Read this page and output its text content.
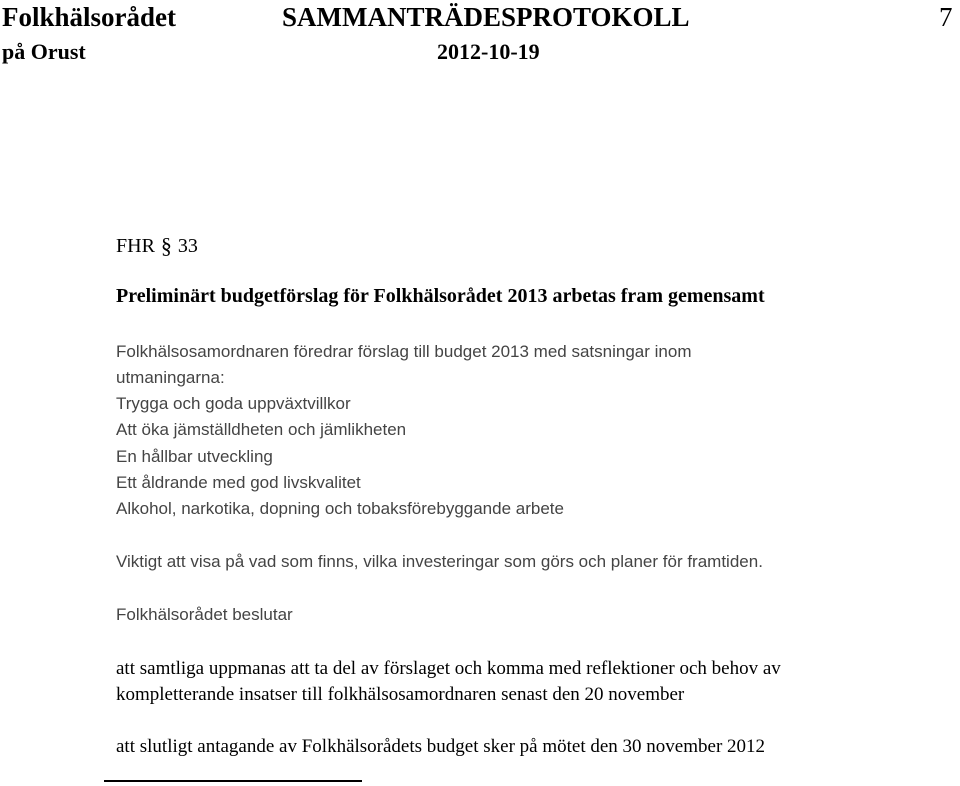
Folkhälsorådet	SAMMANTRÄDESPROTOKOLL	7
på Orust	2012-10-19
FHR § 33
Preliminärt budgetförslag för Folkhälsorådet 2013 arbetas fram gemensamt
Folkhälsosamordnaren föredrar förslag till budget 2013 med satsningar inom
utmaningarna:
Trygga och goda uppväxtvillkor
Att öka jämställdheten och jämlikheten
En hållbar utveckling
Ett åldrande med god livskvalitet
Alkohol, narkotika, dopning och tobaksförebyggande arbete
Viktigt att visa på vad som finns, vilka investeringar som görs och planer för framtiden.
Folkhälsorådet beslutar
att samtliga uppmanas att ta del av förslaget och komma med reflektioner och behov av
kompletterande insatser till folkhälsosamordnaren senast den 20 november
att slutligt antagande av Folkhälsorådets budget sker på mötet den 30 november 2012
